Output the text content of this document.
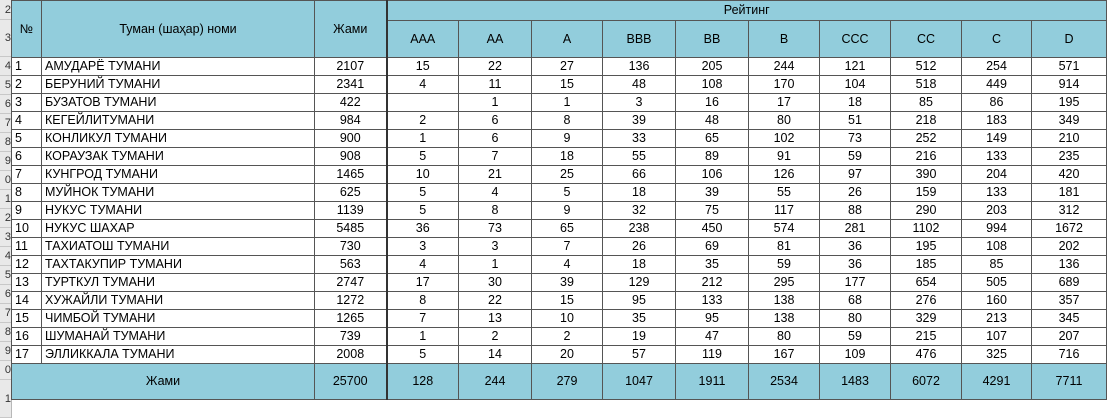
2
3
4
5
6
7
8
9
0
1
2
3
4
5
6
7
8
9
0
1
№	Туман (шаҳар) номи	Жами	Рейтинг									
			AAA	AA	A	BBB	BB	B	CCC	CC	C	D
1	АМУДАРЁ ТУМАНИ	2107	15	22	27	136	205	244	121	512	254	571
2	БЕРУНИЙ ТУМАНИ	2341	4	11	15	48	108	170	104	518	449	914
3	БУЗАТОВ ТУМАНИ	422		1	1	3	16	17	18	85	86	195
4	КЕГЕЙЛИТУМАНИ	984	2	6	8	39	48	80	51	218	183	349
5	КОНЛИКУЛ ТУМАНИ	900	1	6	9	33	65	102	73	252	149	210
6	КОРАУЗАК ТУМАНИ	908	5	7	18	55	89	91	59	216	133	235
7	КУНГРОД ТУМАНИ	1465	10	21	25	66	106	126	97	390	204	420
8	МУЙНОК ТУМАНИ	625	5	4	5	18	39	55	26	159	133	181
9	НУКУС ТУМАНИ	1139	5	8	9	32	75	117	88	290	203	312
10	НУКУС ШАХАР	5485	36	73	65	238	450	574	281	1102	994	1672
11	ТАХИАТОШ ТУМАНИ	730	3	3	7	26	69	81	36	195	108	202
12	ТАХТАКУПИР ТУМАНИ	563	4	1	4	18	35	59	36	185	85	136
13	ТУРТКУЛ ТУМАНИ	2747	17	30	39	129	212	295	177	654	505	689
14	ХУЖАЙЛИ ТУМАНИ	1272	8	22	15	95	133	138	68	276	160	357
15	ЧИМБОЙ ТУМАНИ	1265	7	13	10	35	95	138	80	329	213	345
16	ШУМАНАЙ ТУМАНИ	739	1	2	2	19	47	80	59	215	107	207
17	ЭЛЛИККАЛА ТУМАНИ	2008	5	14	20	57	119	167	109	476	325	716
Жами		25700	128	244	279	1047	1911	2534	1483	6072	4291	7711
